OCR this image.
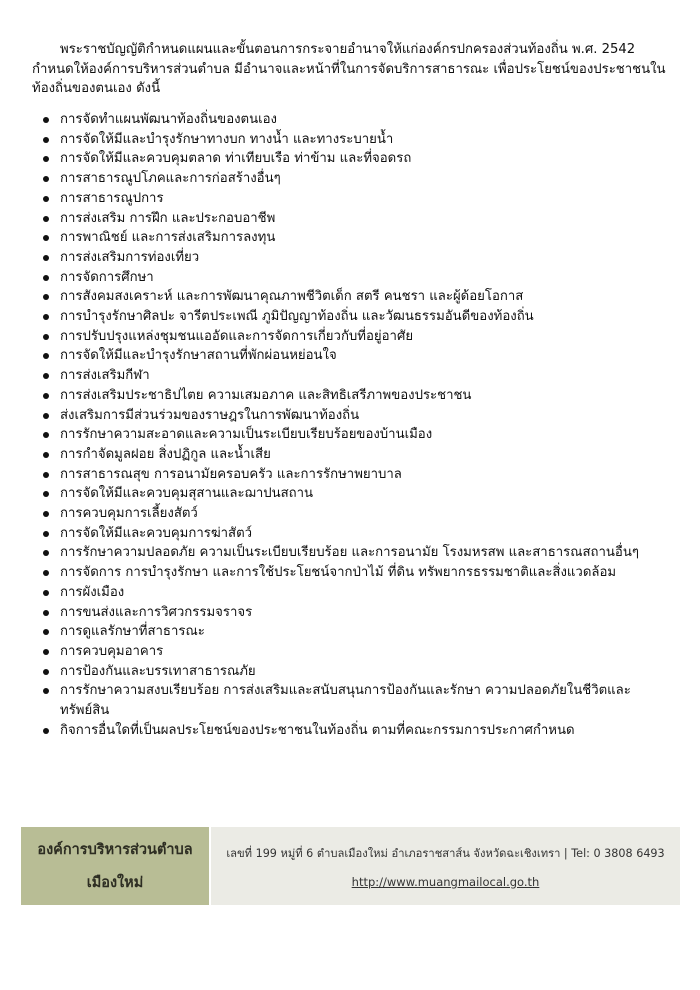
พระราชบัญญัติกำหนดแผนและขั้นตอนการกระจายอำนาจให้แก่องค์กรปกครองส่วนท้องถิ่น พ.ศ. 2542 กำหนดให้องค์การบริหารส่วนตำบล มีอำนาจและหน้าที่ในการจัดบริการสาธารณะ เพื่อประโยชน์ของประชาชนในท้องถิ่นของตนเอง ดังนี้

การจัดทำแผนพัฒนาท้องถิ่นของตนเอง
การจัดให้มีและบำรุงรักษาทางบก ทางน้ำ และทางระบายน้ำ
การจัดให้มีและควบคุมตลาด ท่าเทียบเรือ ท่าข้าม และที่จอดรถ
การสาธารณูปโภคและการก่อสร้างอื่นๆ
การสาธารณูปการ
การส่งเสริม การฝึก และประกอบอาชีพ
การพาณิชย์ และการส่งเสริมการลงทุน
การส่งเสริมการท่องเที่ยว
การจัดการศึกษา
การสังคมสงเคราะห์ และการพัฒนาคุณภาพชีวิตเด็ก สตรี คนชรา และผู้ด้อยโอกาส
การบำรุงรักษาศิลปะ จารีตประเพณี ภูมิปัญญาท้องถิ่น และวัฒนธรรมอันดีของท้องถิ่น
การปรับปรุงแหล่งชุมชนแออัดและการจัดการเกี่ยวกับที่อยู่อาศัย
การจัดให้มีและบำรุงรักษาสถานที่พักผ่อนหย่อนใจ
การส่งเสริมกีฬา
การส่งเสริมประชาธิปไตย ความเสมอภาค และสิทธิเสรีภาพของประชาชน
ส่งเสริมการมีส่วนร่วมของราษฎรในการพัฒนาท้องถิ่น
การรักษาความสะอาดและความเป็นระเบียบเรียบร้อยของบ้านเมือง
การกำจัดมูลฝอย สิ่งปฏิกูล และน้ำเสีย
การสาธารณสุข การอนามัยครอบครัว และการรักษาพยาบาล
การจัดให้มีและควบคุมสุสานและฌาปนสถาน
การควบคุมการเลี้ยงสัตว์
การจัดให้มีและควบคุมการฆ่าสัตว์
การรักษาความปลอดภัย ความเป็นระเบียบเรียบร้อย และการอนามัย โรงมหรสพ และสาธารณสถานอื่นๆ
การจัดการ การบำรุงรักษา และการใช้ประโยชน์จากป่าไม้ ที่ดิน ทรัพยากรธรรมชาติและสิ่งแวดล้อม
การผังเมือง
การขนส่งและการวิศวกรรมจราจร
การดูแลรักษาที่สาธารณะ
การควบคุมอาคาร
การป้องกันและบรรเทาสาธารณภัย
การรักษาความสงบเรียบร้อย การส่งเสริมและสนับสนุนการป้องกันและรักษา ความปลอดภัยในชีวิตและทรัพย์สิน
กิจการอื่นใดที่เป็นผลประโยชน์ของประชาชนในท้องถิ่น ตามที่คณะกรรมการประกาศกำหนด
องค์การบริหารส่วนตำบล
เมืองใหม่
เลขที่ 199 หมู่ที่ 6 ตำบลเมืองใหม่ อำเภอราชสาส์น จังหวัดฉะเชิงเทรา | Tel: 0 3808 6493
http://www.muangmailocal.go.th
